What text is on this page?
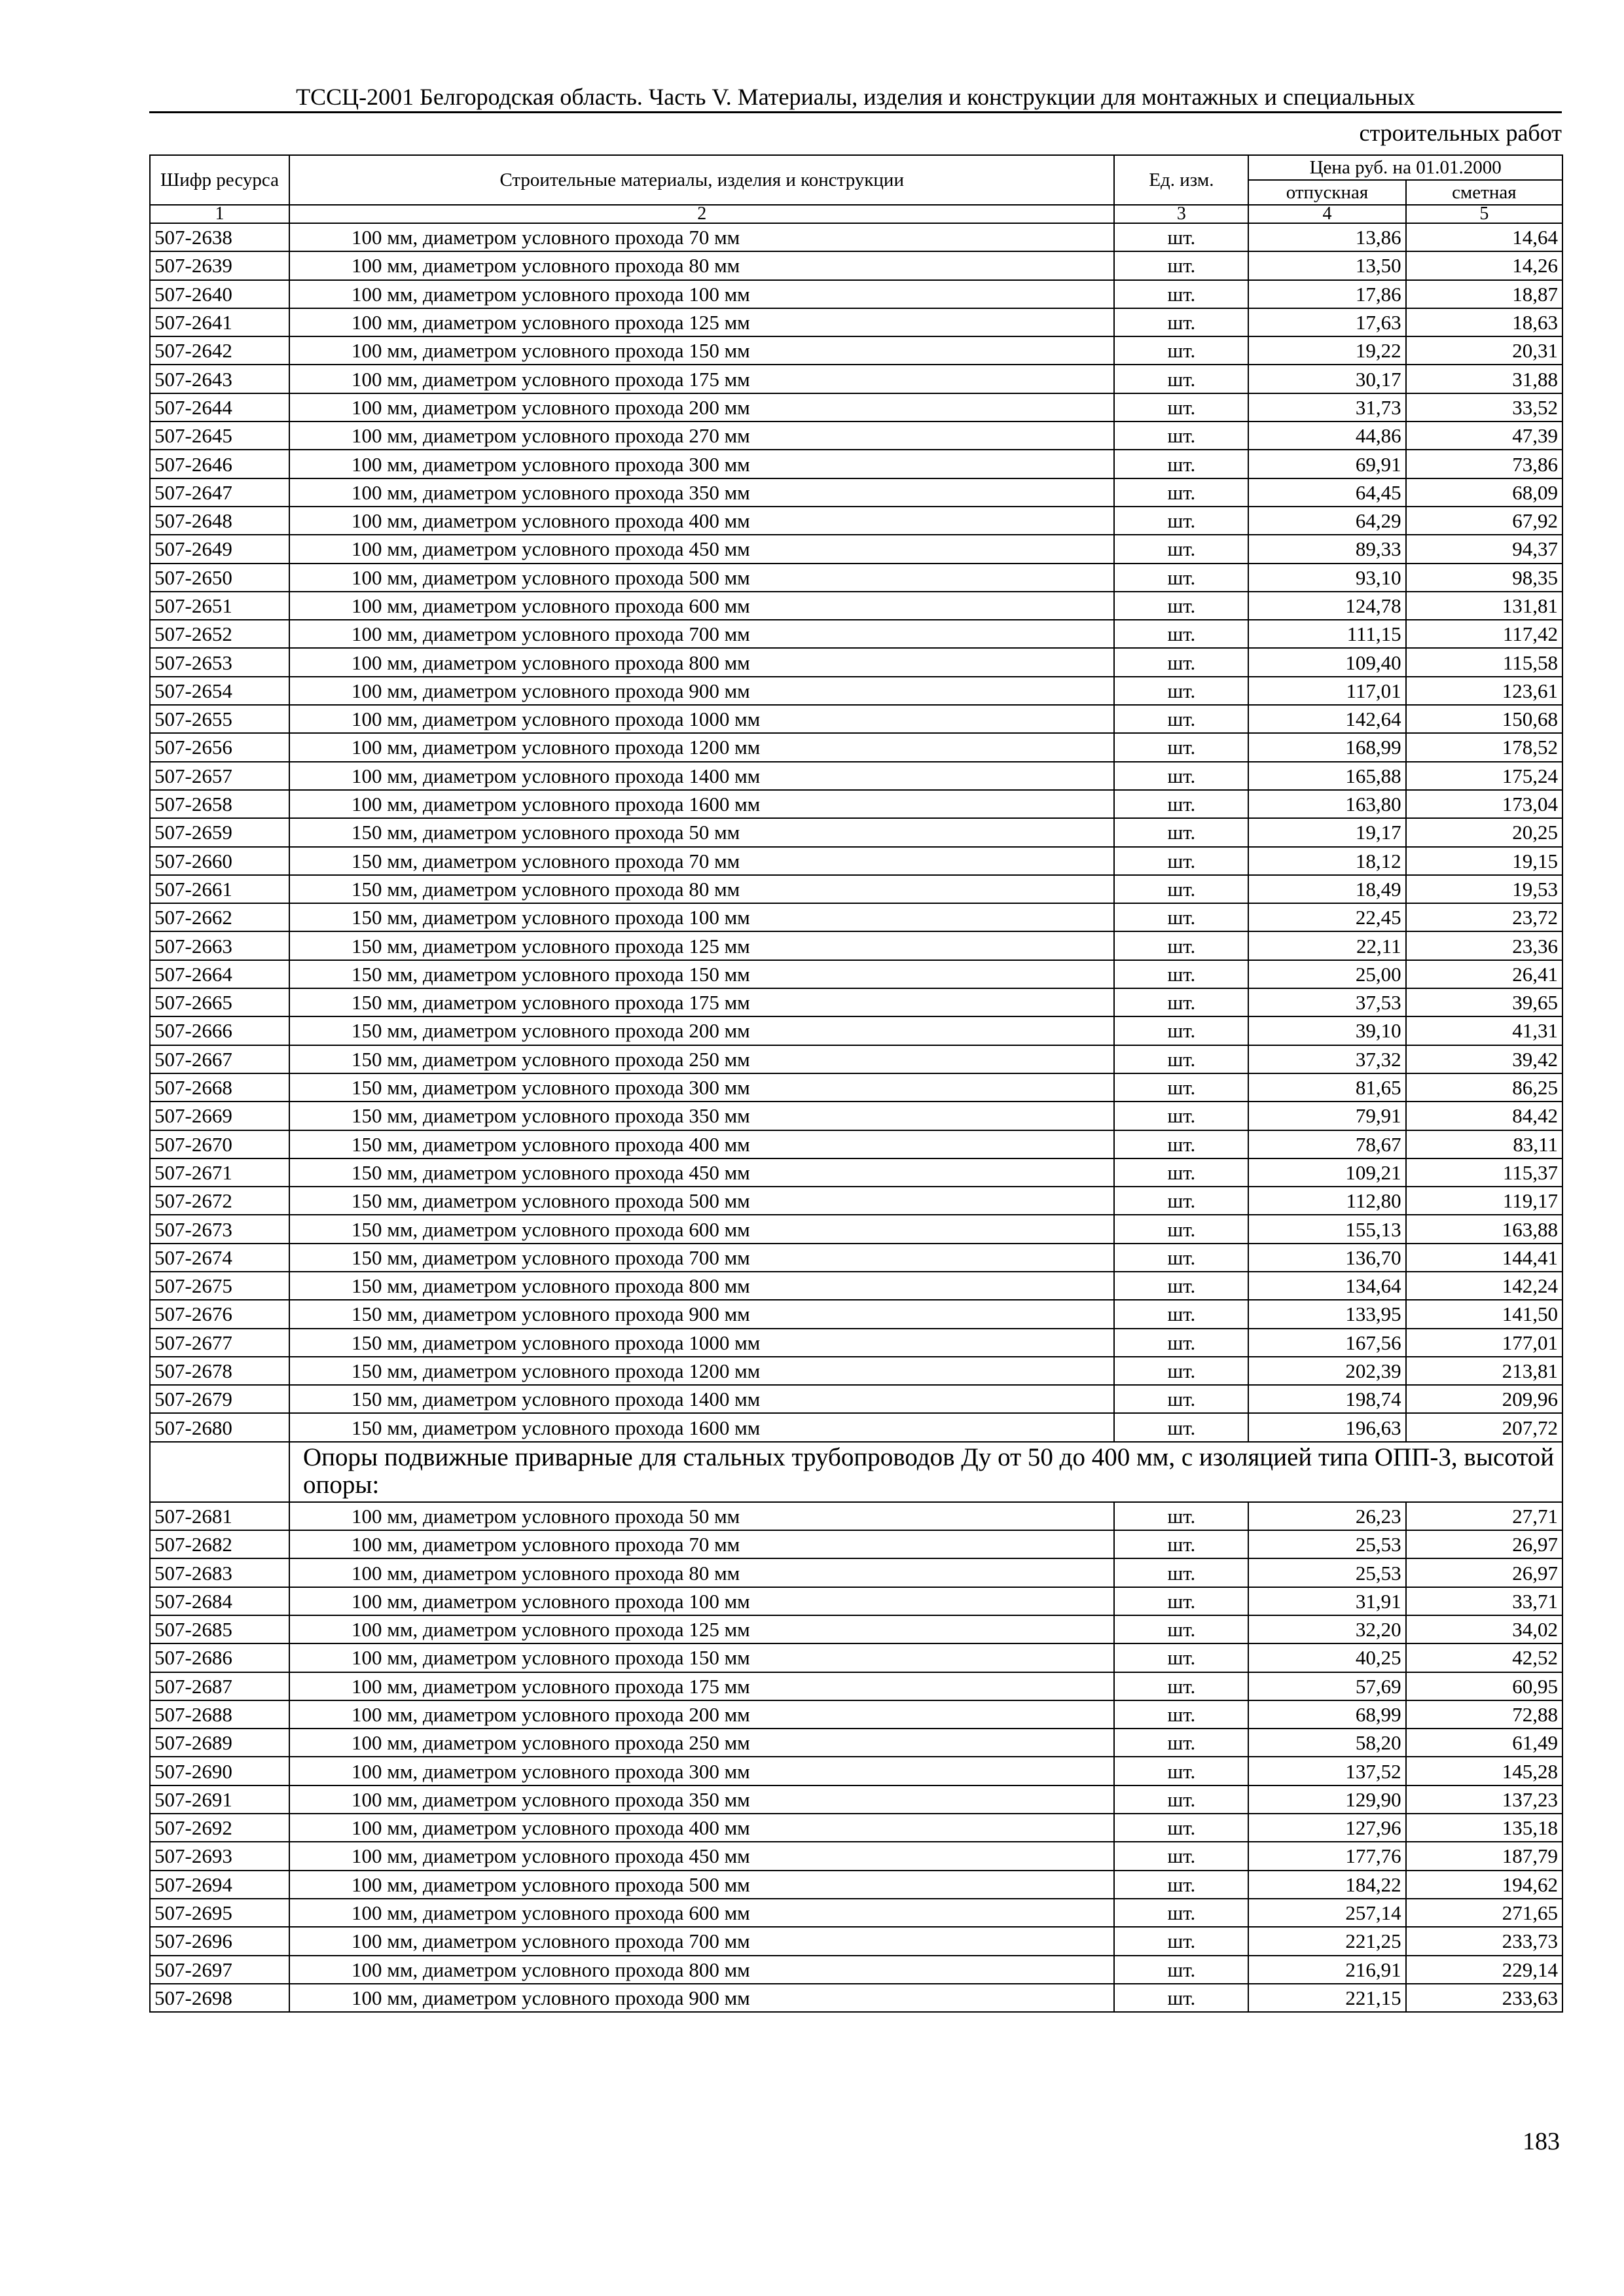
ТССЦ-2001 Белгородская область. Часть V. Материалы, изделия и конструкции для монтажных и специальных
строительных работ
Шифр ресурса	Строительные материалы, изделия и конструкции	Ед. изм.	Цена руб. на 01.01.2000	
			отпускная	сметная
1	2	3	4	5
507-2638	100 мм, диаметром условного прохода 70 мм	шт.	13,86	14,64
507-2639	100 мм, диаметром условного прохода 80 мм	шт.	13,50	14,26
507-2640	100 мм, диаметром условного прохода 100 мм	шт.	17,86	18,87
507-2641	100 мм, диаметром условного прохода 125 мм	шт.	17,63	18,63
507-2642	100 мм, диаметром условного прохода 150 мм	шт.	19,22	20,31
507-2643	100 мм, диаметром условного прохода 175 мм	шт.	30,17	31,88
507-2644	100 мм, диаметром условного прохода 200 мм	шт.	31,73	33,52
507-2645	100 мм, диаметром условного прохода 270 мм	шт.	44,86	47,39
507-2646	100 мм, диаметром условного прохода 300 мм	шт.	69,91	73,86
507-2647	100 мм, диаметром условного прохода 350 мм	шт.	64,45	68,09
507-2648	100 мм, диаметром условного прохода 400 мм	шт.	64,29	67,92
507-2649	100 мм, диаметром условного прохода 450 мм	шт.	89,33	94,37
507-2650	100 мм, диаметром условного прохода 500 мм	шт.	93,10	98,35
507-2651	100 мм, диаметром условного прохода 600 мм	шт.	124,78	131,81
507-2652	100 мм, диаметром условного прохода 700 мм	шт.	111,15	117,42
507-2653	100 мм, диаметром условного прохода 800 мм	шт.	109,40	115,58
507-2654	100 мм, диаметром условного прохода 900 мм	шт.	117,01	123,61
507-2655	100 мм, диаметром условного прохода 1000 мм	шт.	142,64	150,68
507-2656	100 мм, диаметром условного прохода 1200 мм	шт.	168,99	178,52
507-2657	100 мм, диаметром условного прохода 1400 мм	шт.	165,88	175,24
507-2658	100 мм, диаметром условного прохода 1600 мм	шт.	163,80	173,04
507-2659	150 мм, диаметром условного прохода 50 мм	шт.	19,17	20,25
507-2660	150 мм, диаметром условного прохода 70 мм	шт.	18,12	19,15
507-2661	150 мм, диаметром условного прохода 80 мм	шт.	18,49	19,53
507-2662	150 мм, диаметром условного прохода 100 мм	шт.	22,45	23,72
507-2663	150 мм, диаметром условного прохода 125 мм	шт.	22,11	23,36
507-2664	150 мм, диаметром условного прохода 150 мм	шт.	25,00	26,41
507-2665	150 мм, диаметром условного прохода 175 мм	шт.	37,53	39,65
507-2666	150 мм, диаметром условного прохода 200 мм	шт.	39,10	41,31
507-2667	150 мм, диаметром условного прохода 250 мм	шт.	37,32	39,42
507-2668	150 мм, диаметром условного прохода 300 мм	шт.	81,65	86,25
507-2669	150 мм, диаметром условного прохода 350 мм	шт.	79,91	84,42
507-2670	150 мм, диаметром условного прохода 400 мм	шт.	78,67	83,11
507-2671	150 мм, диаметром условного прохода 450 мм	шт.	109,21	115,37
507-2672	150 мм, диаметром условного прохода 500 мм	шт.	112,80	119,17
507-2673	150 мм, диаметром условного прохода 600 мм	шт.	155,13	163,88
507-2674	150 мм, диаметром условного прохода 700 мм	шт.	136,70	144,41
507-2675	150 мм, диаметром условного прохода 800 мм	шт.	134,64	142,24
507-2676	150 мм, диаметром условного прохода 900 мм	шт.	133,95	141,50
507-2677	150 мм, диаметром условного прохода 1000 мм	шт.	167,56	177,01
507-2678	150 мм, диаметром условного прохода 1200 мм	шт.	202,39	213,81
507-2679	150 мм, диаметром условного прохода 1400 мм	шт.	198,74	209,96
507-2680	150 мм, диаметром условного прохода 1600 мм	шт.	196,63	207,72
	Опоры подвижные приварные для стальных трубопроводов Ду от 50 до 400 мм, с изоляцией типа ОПП-3, высотой опоры:			
507-2681	100 мм, диаметром условного прохода 50 мм	шт.	26,23	27,71
507-2682	100 мм, диаметром условного прохода 70 мм	шт.	25,53	26,97
507-2683	100 мм, диаметром условного прохода 80 мм	шт.	25,53	26,97
507-2684	100 мм, диаметром условного прохода 100 мм	шт.	31,91	33,71
507-2685	100 мм, диаметром условного прохода 125 мм	шт.	32,20	34,02
507-2686	100 мм, диаметром условного прохода 150 мм	шт.	40,25	42,52
507-2687	100 мм, диаметром условного прохода 175 мм	шт.	57,69	60,95
507-2688	100 мм, диаметром условного прохода 200 мм	шт.	68,99	72,88
507-2689	100 мм, диаметром условного прохода 250 мм	шт.	58,20	61,49
507-2690	100 мм, диаметром условного прохода 300 мм	шт.	137,52	145,28
507-2691	100 мм, диаметром условного прохода 350 мм	шт.	129,90	137,23
507-2692	100 мм, диаметром условного прохода 400 мм	шт.	127,96	135,18
507-2693	100 мм, диаметром условного прохода 450 мм	шт.	177,76	187,79
507-2694	100 мм, диаметром условного прохода 500 мм	шт.	184,22	194,62
507-2695	100 мм, диаметром условного прохода 600 мм	шт.	257,14	271,65
507-2696	100 мм, диаметром условного прохода 700 мм	шт.	221,25	233,73
507-2697	100 мм, диаметром условного прохода 800 мм	шт.	216,91	229,14
507-2698	100 мм, диаметром условного прохода 900 мм	шт.	221,15	233,63
183
